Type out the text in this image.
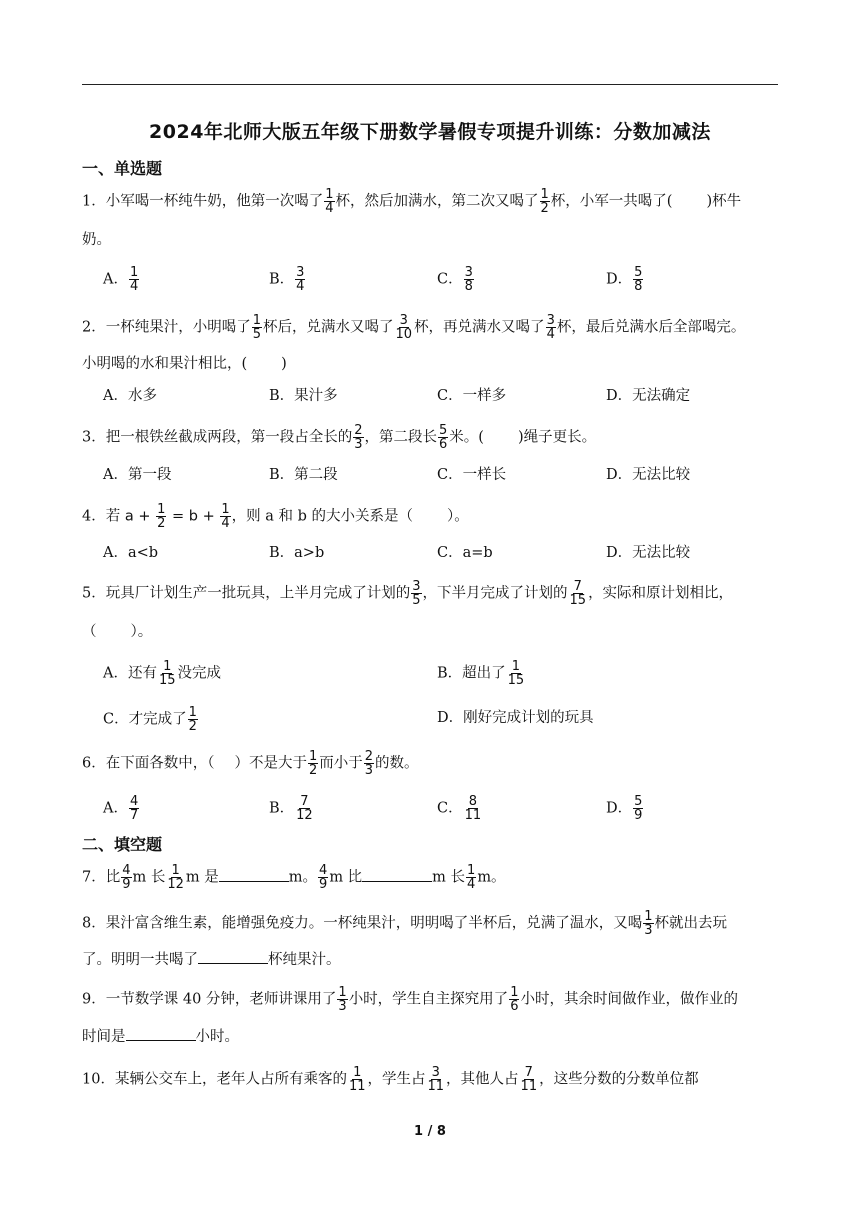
2024年北师大版五年级下册数学暑假专项提升训练：分数加减法
一、单选题
1．小军喝一杯纯牛奶，他第一次喝了 $\frac{1}{4}$ 杯，然后加满水，第二次又喝了 $\frac{1}{2}$ 杯，小军一共喝了( )杯牛
奶。
A． $\frac{1}{4}$	B． $\frac{3}{4}$	C． $\frac{3}{8}$	D． $\frac{5}{8}$
2．一杯纯果汁，小明喝了 $\frac{1}{5}$ 杯后，兑满水又喝了 $\frac{3}{10}$ 杯，再兑满水又喝了 $\frac{3}{4}$ 杯，最后兑满水后全部喝完。
小明喝的水和果汁相比，( )
A．水多	B．果汁多	C．一样多	D．无法确定
3．把一根铁丝截成两段，第一段占全长的 $\frac{2}{3}$ ，第二段长 $\frac{5}{6}$ 米。( )绳子更长。
A．第一段	B．第二段	C．一样长	D．无法比较
4．若 $a + \frac{1}{2} = b + \frac{1}{4}$ ，则 a 和 b 的大小关系是（ ）。
A．a<b	B．a>b	C．a=b	D．无法比较
5．玩具厂计划生产一批玩具，上半月完成了计划的 $\frac{3}{5}$ ，下半月完成了计划的 $\frac{7}{15}$ ，实际和原计划相比，
（ ）。
A．还有 $\frac{1}{15}$ 没完成	B．超出了 $\frac{1}{15}$
C．才完成了 $\frac{1}{2}$	D．刚好完成计划的玩具
6．在下面各数中，（ ）不是大于 $\frac{1}{2}$ 而小于 $\frac{2}{3}$ 的数。
A． $\frac{4}{7}$	B． $\frac{7}{12}$	C． $\frac{8}{11}$	D． $\frac{5}{9}$
二、填空题
7．比 $\frac{4}{9}$ m 长 $\frac{1}{12}$ m 是	m。 $\frac{4}{9}$ m 比	m 长 $\frac{1}{4}$ m。
8．果汁富含维生素，能增强免疫力。一杯纯果汁，明明喝了半杯后，兑满了温水，又喝 $\frac{1}{3}$ 杯就出去玩
了。明明一共喝了	杯纯果汁。
9．一节数学课 40 分钟，老师讲课用了 $\frac{1}{3}$ 小时，学生自主探究用了 $\frac{1}{6}$ 小时，其余时间做作业，做作业的
时间是	小时。
10．某辆公交车上，老年人占所有乘客的 $\frac{1}{11}$ ，学生占 $\frac{3}{11}$ ，其他人占 $\frac{7}{11}$ ，这些分数的分数单位都
1 / 8
